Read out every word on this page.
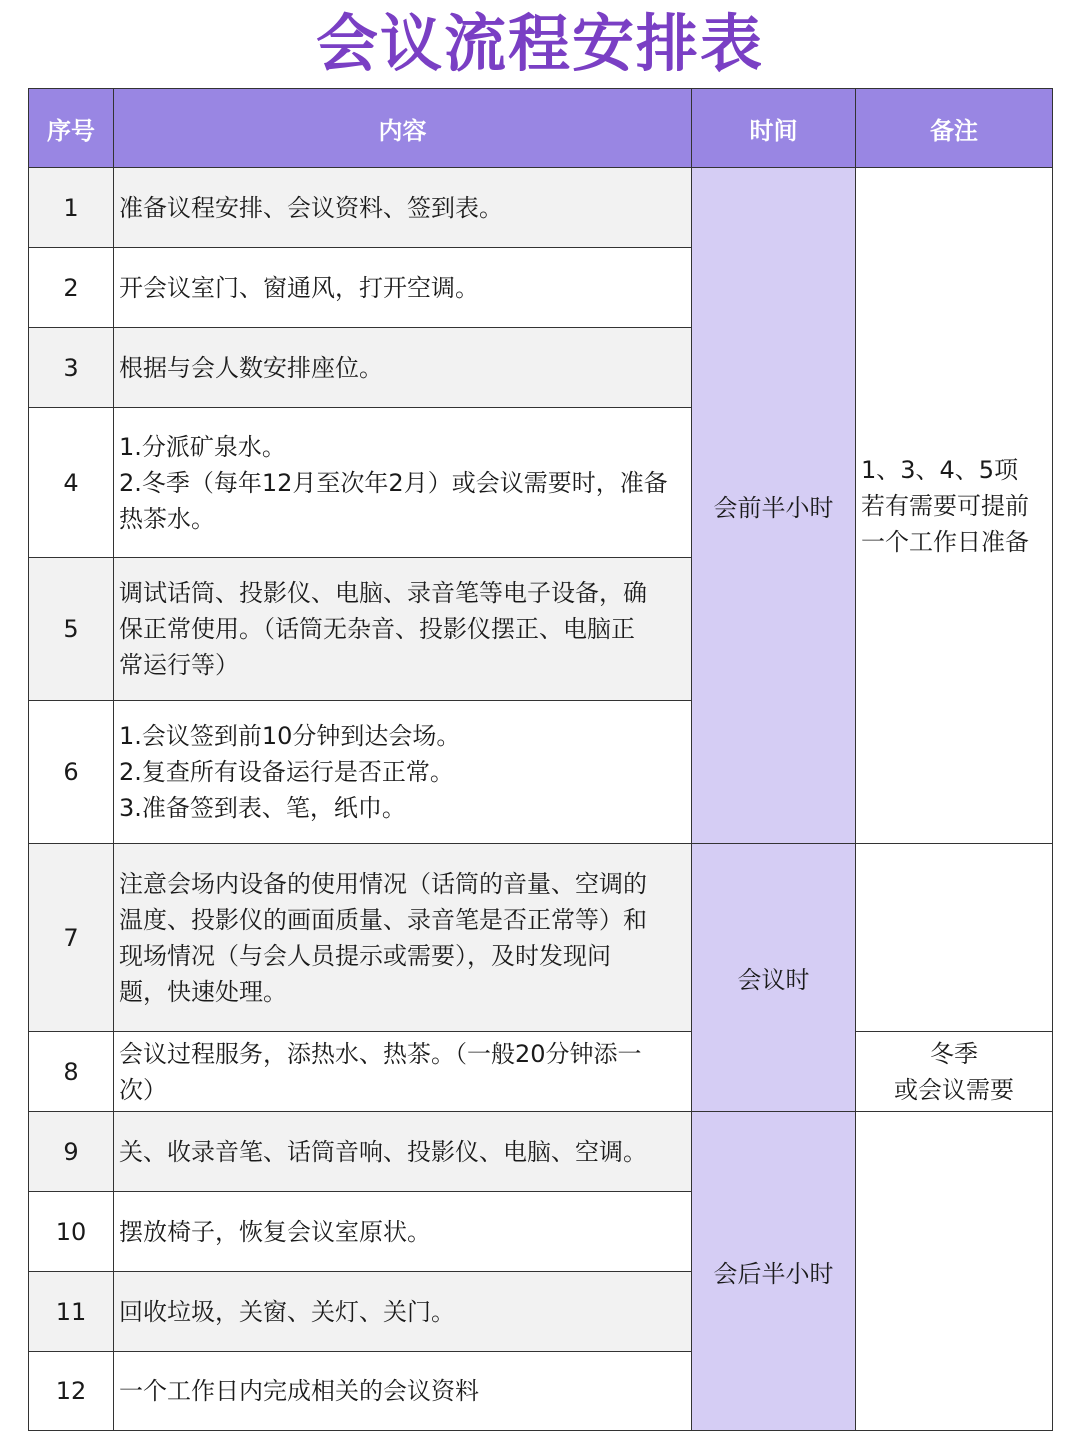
会议流程安排表
序号	内容	时间	备注
1	准备议程安排、会议资料、签到表。	会前半小时	1、3、4、5项
若有需要可提前
一个工作日准备

2	开会议室门、窗通风，打开空调。		

3	根据与会人数安排座位。		

4	1.分派矿泉水。
2.冬季（每年12月至次年2月）或会议需要时，准备
热茶水。		

5	调试话筒、投影仪、电脑、录音笔等电子设备，确
保正常使用。（话筒无杂音、投影仪摆正、电脑正
常运行等）		

6	1.会议签到前10分钟到达会场。
2.复查所有设备运行是否正常。
3.准备签到表、笔，纸巾。		

7	注意会场内设备的使用情况（话筒的音量、空调的
温度、投影仪的画面质量、录音笔是否正常等）和
现场情况（与会人员提示或需要），及时发现问
题，快速处理。	会议时	
8	会议过程服务，添热水、热茶。（一般20分钟添一
次）		冬季
或会议需要

9	关、收录音笔、话筒音响、投影仪、电脑、空调。	会后半小时	
10	摆放椅子，恢复会议室原状。		

11	回收垃圾，关窗、关灯、关门。		

12	一个工作日内完成相关的会议资料		
